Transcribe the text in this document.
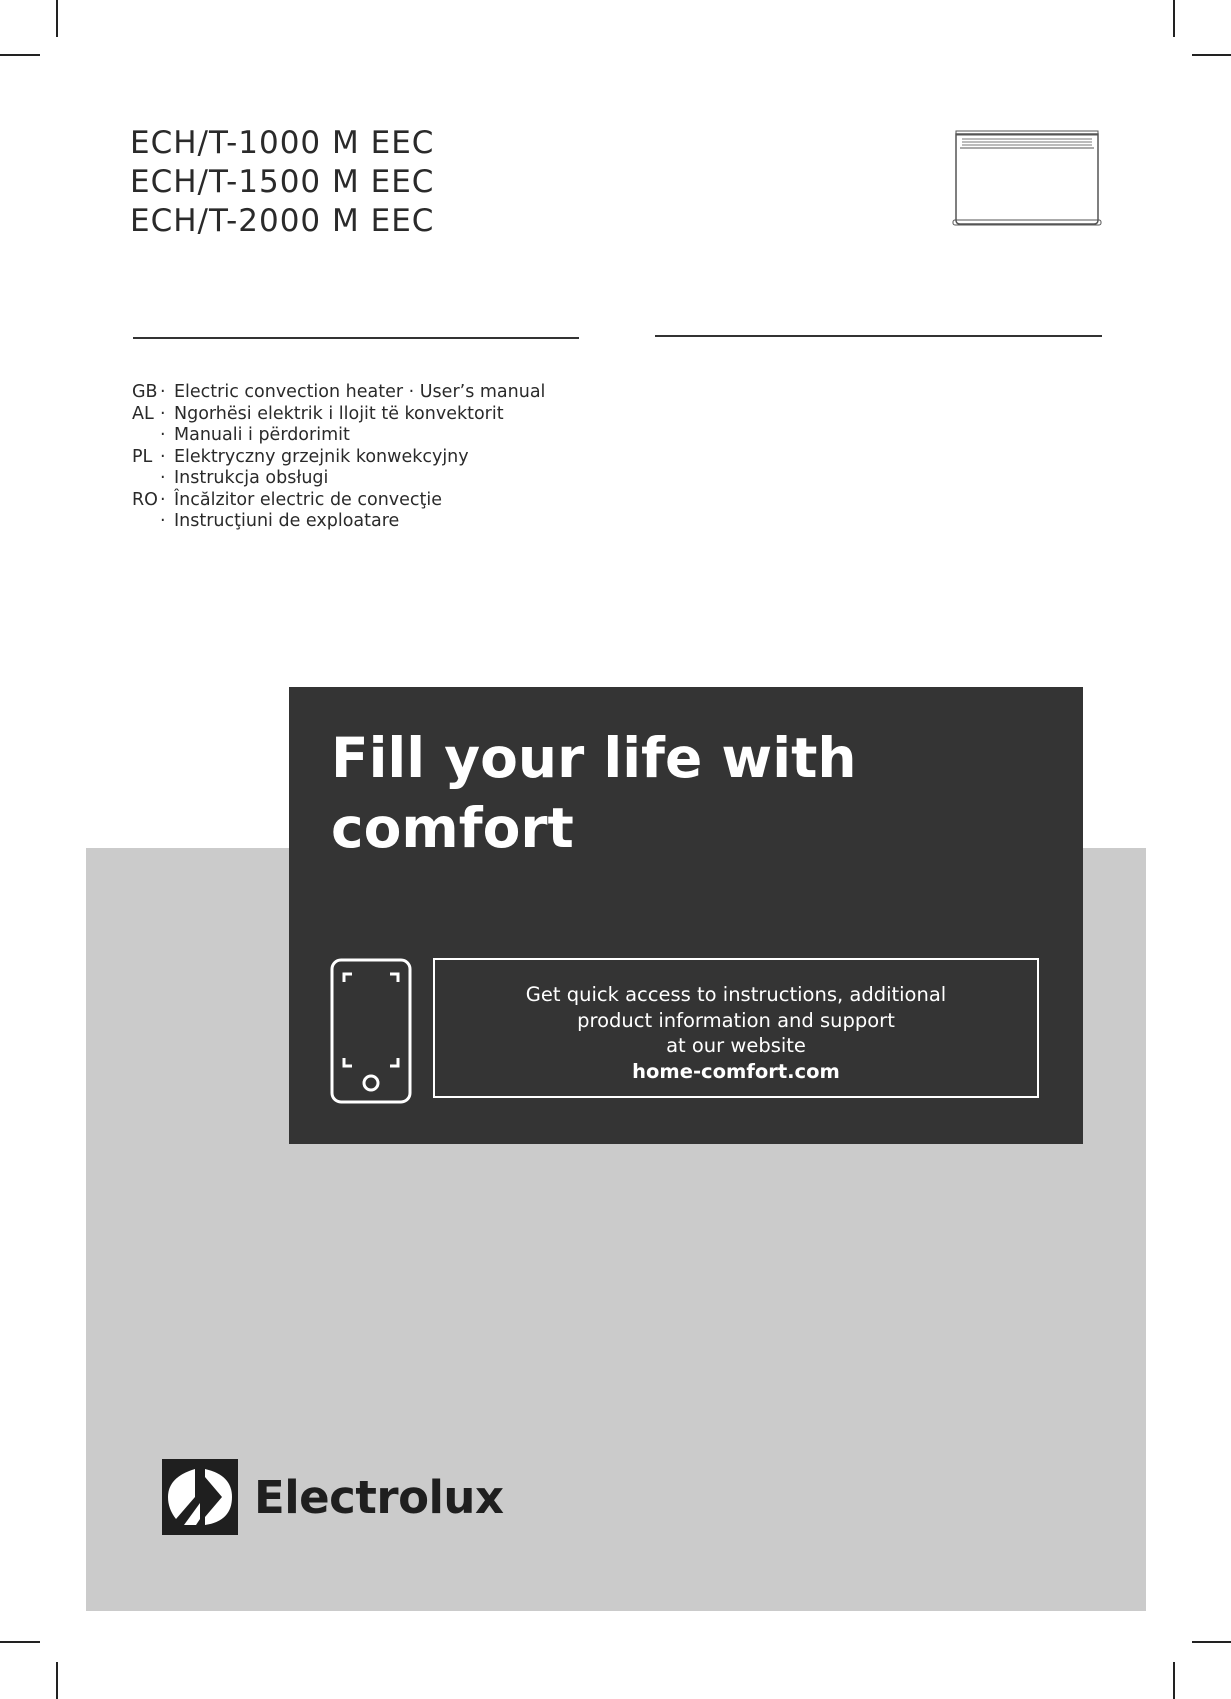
ECH/T-1000 M EEC
ECH/T-1500 M EEC
ECH/T-2000 M EEC
GB · Electric convection heater · User’s manual
AL · Ngorhësi elektrik i llojit të konvektorit
· Manuali i përdorimit
PL · Elektryczny grzejnik konwekcyjny
· Instrukcja obsługi
RO · Încălzitor electric de convecţie
· Instrucţiuni de exploatare
Fill your life with
comfort
Get quick access to instructions, additional
product information and support
at our website
home-comfort.com
Electrolux
